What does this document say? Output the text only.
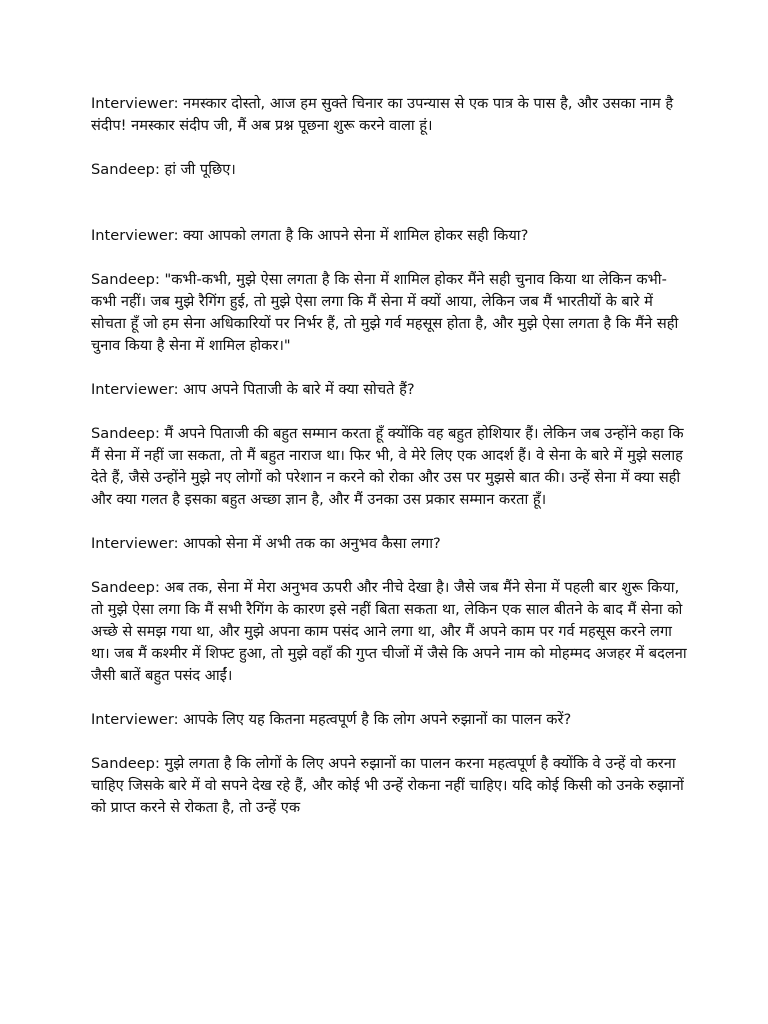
Interviewer: नमस्कार दोस्तो, आज हम सुक्ते चिनार का उपन्यास से एक पात्र के पास है, और उसका नाम है संदीप! नमस्कार संदीप जी, मैं अब प्रश्न पूछना शुरू करने वाला हूं।

Sandeep: हां जी पूछिए।

Interviewer: क्या आपको लगता है कि आपने सेना में शामिल होकर सही किया?

Sandeep: "कभी-कभी, मुझे ऐसा लगता है कि सेना में शामिल होकर मैंने सही चुनाव किया था लेकिन कभी-कभी नहीं। जब मुझे रैगिंग हुई, तो मुझे ऐसा लगा कि मैं सेना में क्यों आया, लेकिन जब मैं भारतीयों के बारे में सोचता हूँ जो हम सेना अधिकारियों पर निर्भर हैं, तो मुझे गर्व महसूस होता है, और मुझे ऐसा लगता है कि मैंने सही चुनाव किया है सेना में शामिल होकर।"

Interviewer: आप अपने पिताजी के बारे में क्या सोचते हैं?

Sandeep: मैं अपने पिताजी की बहुत सम्मान करता हूँ क्योंकि वह बहुत होशियार हैं। लेकिन जब उन्होंने कहा कि मैं सेना में नहीं जा सकता, तो मैं बहुत नाराज था। फिर भी, वे मेरे लिए एक आदर्श हैं। वे सेना के बारे में मुझे सलाह देते हैं, जैसे उन्होंने मुझे नए लोगों को परेशान न करने को रोका और उस पर मुझसे बात की। उन्हें सेना में क्या सही और क्या गलत है इसका बहुत अच्छा ज्ञान है, और मैं उनका उस प्रकार सम्मान करता हूँ।

Interviewer: आपको सेना में अभी तक का अनुभव कैसा लगा?

Sandeep: अब तक, सेना में मेरा अनुभव ऊपरी और नीचे देखा है। जैसे जब मैंने सेना में पहली बार शुरू किया, तो मुझे ऐसा लगा कि मैं सभी रैगिंग के कारण इसे नहीं बिता सकता था, लेकिन एक साल बीतने के बाद मैं सेना को अच्छे से समझ गया था, और मुझे अपना काम पसंद आने लगा था, और मैं अपने काम पर गर्व महसूस करने लगा था। जब मैं कश्मीर में शिफ्ट हुआ, तो मुझे वहाँ की गुप्त चीजों में जैसे कि अपने नाम को मोहम्मद अजहर में बदलना जैसी बातें बहुत पसंद आईं।

Interviewer: आपके लिए यह कितना महत्वपूर्ण है कि लोग अपने रुझानों का पालन करें?

Sandeep: मुझे लगता है कि लोगों के लिए अपने रुझानों का पालन करना महत्वपूर्ण है क्योंकि वे उन्हें वो करना चाहिए जिसके बारे में वो सपने देख रहे हैं, और कोई भी उन्हें रोकना नहीं चाहिए। यदि कोई किसी को उनके रुझानों को प्राप्त करने से रोकता है, तो उन्हें एक
